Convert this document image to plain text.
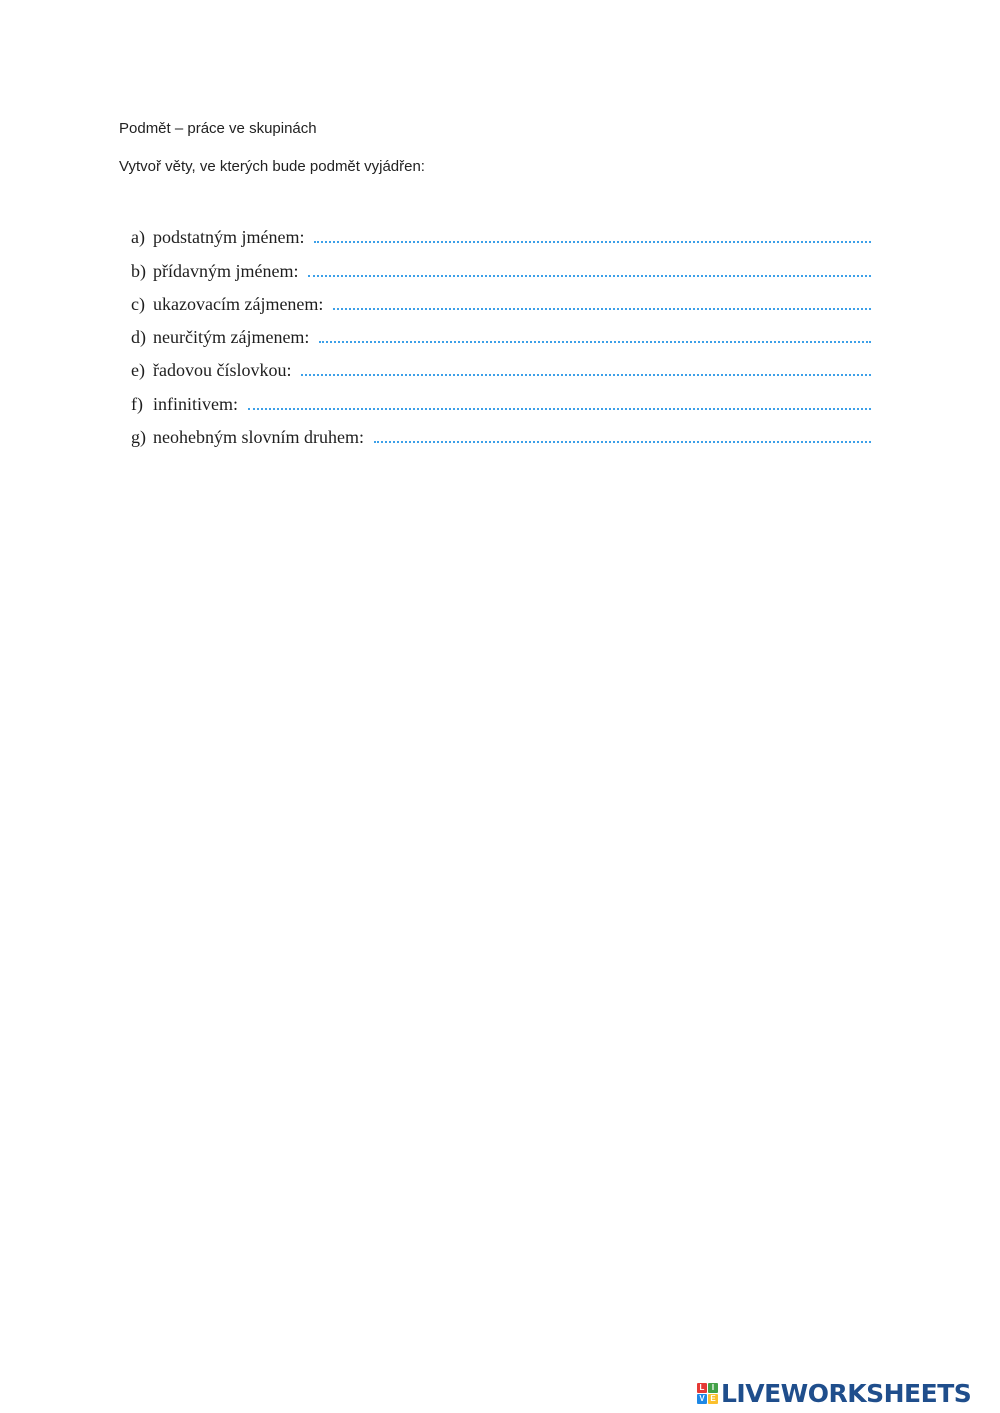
Podmět – práce ve skupinách
Vytvoř věty, ve kterých bude podmět vyjádřen:
a) podstatným jménem:
b) přídavným jménem:
c) ukazovacím zájmenem:
d) neurčitým zájmenem:
e) řadovou číslovkou:
f) infinitivem:
g) neohebným slovním druhem:
L I
V E LIVEWORKSHEETS
